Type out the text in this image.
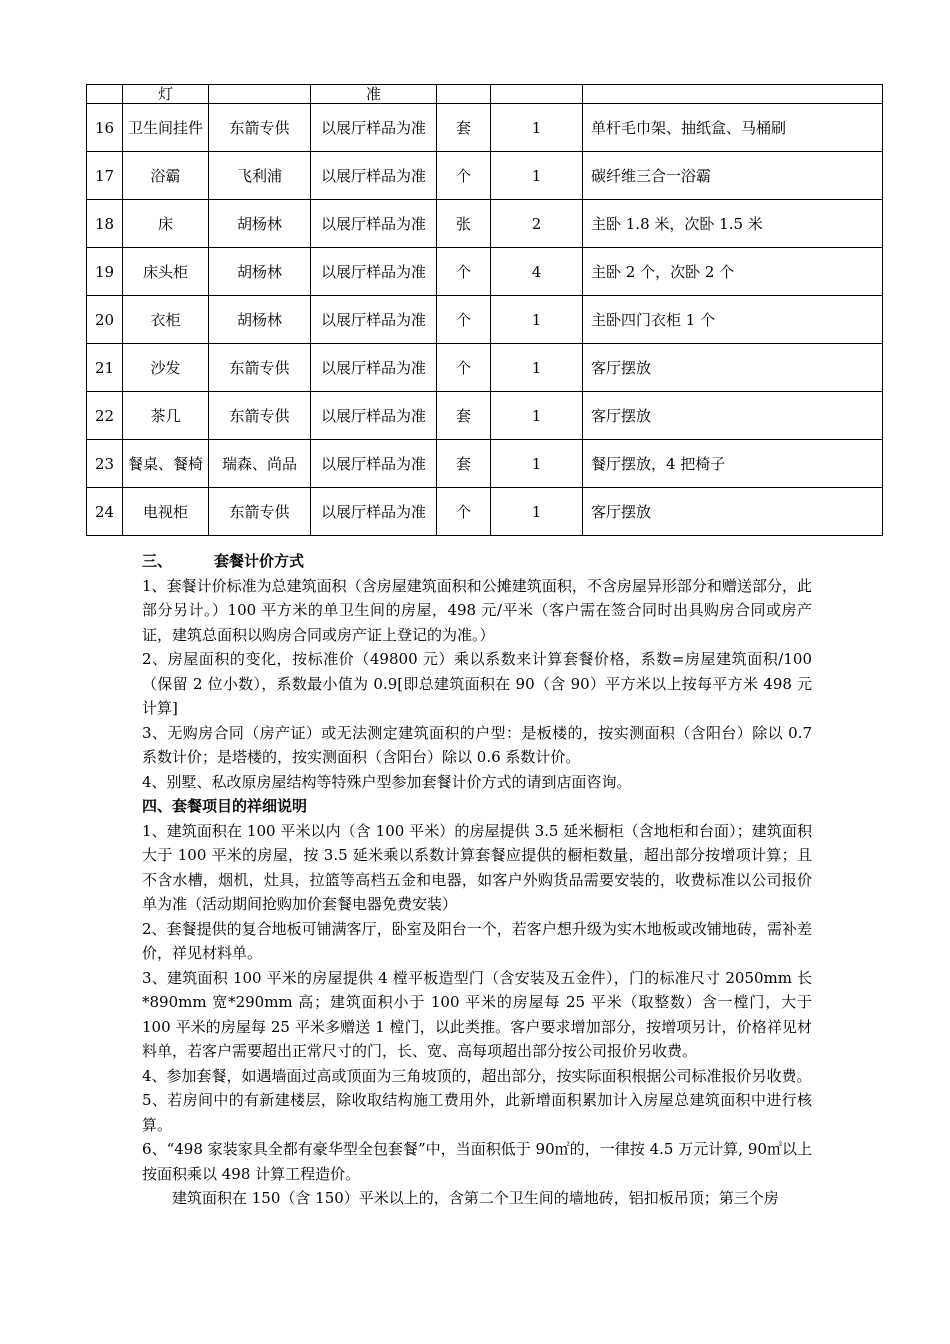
	灯		准			
16	卫生间挂件	东箭专供	以展厅样品为准	套	1	单杆毛巾架、抽纸盒、马桶刷
17	浴霸	飞利浦	以展厅样品为准	个	1	碳纤维三合一浴霸
18	床	胡杨林	以展厅样品为准	张	2	主卧 1.8 米，次卧 1.5 米
19	床头柜	胡杨林	以展厅样品为准	个	4	主卧 2 个，次卧 2 个
20	衣柜	胡杨林	以展厅样品为准	个	1	主卧四门衣柜 1 个
21	沙发	东箭专供	以展厅样品为准	个	1	客厅摆放
22	茶几	东箭专供	以展厅样品为准	套	1	客厅摆放
23	餐桌、餐椅	瑞森、尚品	以展厅样品为准	套	1	餐厅摆放，4 把椅子
24	电视柜	东箭专供	以展厅样品为准	个	1	客厅摆放

三、	套餐计价方式

1、套餐计价标准为总建筑面积（含房屋建筑面积和公摊建筑面积，不含房屋异形部分和赠送部分，此部分另计。）100 平方米的单卫生间的房屋，498 元/平米（客户需在签合同时出具购房合同或房产证，建筑总面积以购房合同或房产证上登记的为准。）

2、房屋面积的变化，按标准价（49800 元）乘以系数来计算套餐价格，系数=房屋建筑面积/100（保留 2 位小数），系数最小值为 0.9[即总建筑面积在 90（含 90）平方米以上按每平方米 498 元计算]

3、无购房合同（房产证）或无法测定建筑面积的户型：是板楼的，按实测面积（含阳台）除以 0.7 系数计价；是塔楼的，按实测面积（含阳台）除以 0.6 系数计价。

4、别墅、私改原房屋结构等特殊户型参加套餐计价方式的请到店面咨询。

四、套餐项目的祥细说明

1、建筑面积在 100 平米以内（含 100 平米）的房屋提供 3.5 延米橱柜（含地柜和台面）；建筑面积大于 100 平米的房屋，按 3.5 延米乘以系数计算套餐应提供的橱柜数量，超出部分按增项计算；且不含水槽，烟机，灶具，拉篮等高档五金和电器，如客户外购货品需要安装的，收费标准以公司报价单为准（活动期间抢购加价套餐电器免费安装）

2、套餐提供的复合地板可铺满客厅，卧室及阳台一个，若客户想升级为实木地板或改铺地砖，需补差价，祥见材料单。

3、建筑面积 100 平米的房屋提供 4 樘平板造型门（含安装及五金件），门的标准尺寸 2050mm 长*890mm 宽*290mm 高；建筑面积小于 100 平米的房屋每 25 平米（取整数）含一樘门，大于 100 平米的房屋每 25 平米多赠送 1 樘门，以此类推。客户要求增加部分，按增项另计，价格祥见材料单，若客户需要超出正常尺寸的门，长、宽、高每项超出部分按公司报价另收费。

4、参加套餐，如遇墙面过高或顶面为三角坡顶的，超出部分，按实际面积根据公司标准报价另收费。

5、若房间中的有新建楼层，除收取结构施工费用外，此新增面积累加计入房屋总建筑面积中进行核算。

6、“498 家装家具全都有豪华型全包套餐”中，当面积低于 90㎡的，一律按 4.5 万元计算, 90㎡以上按面积乘以 498 计算工程造价。

建筑面积在 150（含 150）平米以上的，含第二个卫生间的墙地砖，铝扣板吊顶；第三个房
